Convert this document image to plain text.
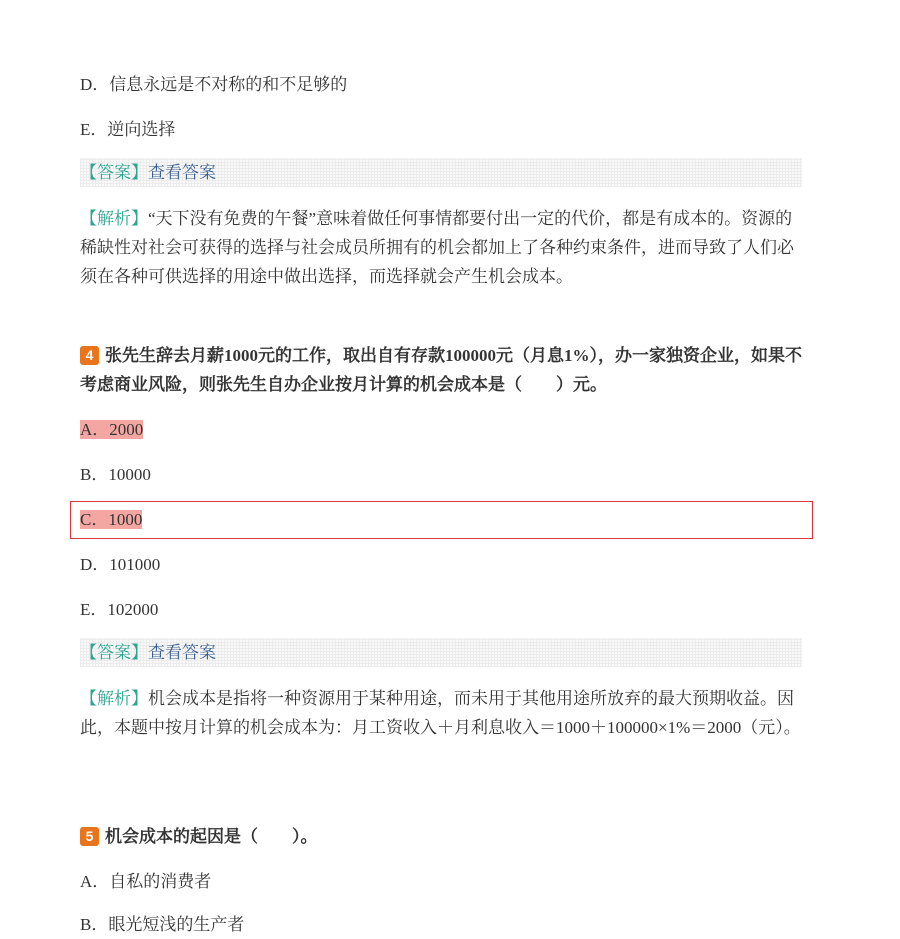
D．信息永远是不对称的和不足够的
E．逆向选择
【答案】查看答案
【解析】“天下没有免费的午餐”意味着做任何事情都要付出一定的代价，都是有成本的。资源的稀缺性对社会可获得的选择与社会成员所拥有的机会都加上了各种约束条件，进而导致了人们必须在各种可供选择的用途中做出选择，而选择就会产生机会成本。
4 张先生辞去月薪1000元的工作，取出自有存款100000元（月息1%），办一家独资企业，如果不考虑商业风险，则张先生自办企业按月计算的机会成本是（　　）元。
A．2000
B．10000
C．1000
D．101000
E．102000
【答案】查看答案
【解析】机会成本是指将一种资源用于某种用途，而未用于其他用途所放弃的最大预期收益。因此，本题中按月计算的机会成本为：月工资收入＋月利息收入＝1000＋100000×1%＝2000（元）。
5 机会成本的起因是（　　）。
A．自私的消费者
B．眼光短浅的生产者
